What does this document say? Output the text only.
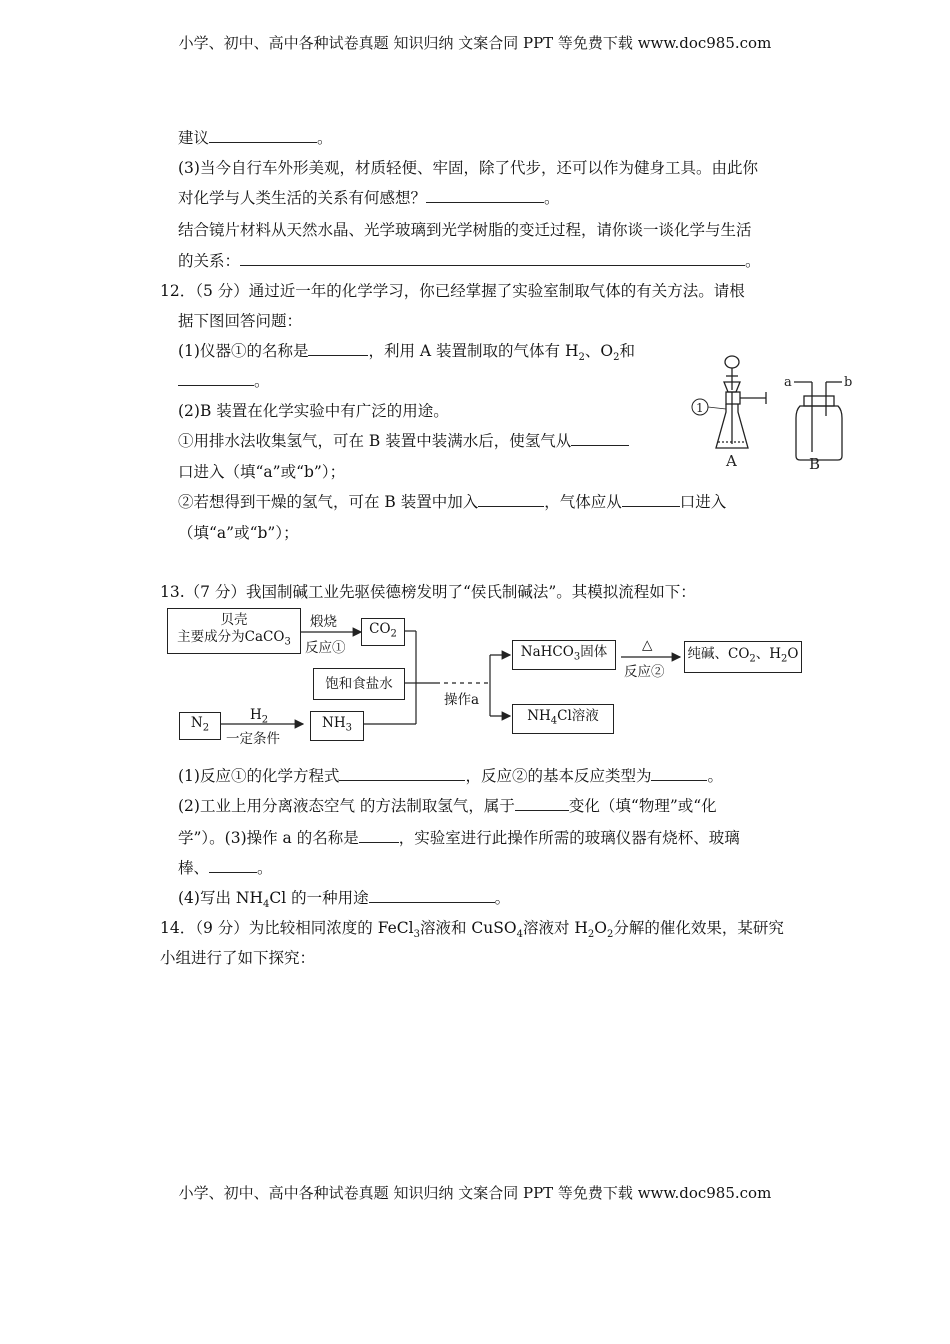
小学、初中、高中各种试卷真题 知识归纳 文案合同 PPT 等免费下载 www.doc985.com
建议	。
(3)当今自行车外形美观，材质轻便、牢固，除了代步，还可以作为健身工具。由此你
对化学与人类生活的关系有何感想？	。
结合镜片材料从天然水晶、光学玻璃到光学树脂的变迁过程，请你谈一谈化学与生活
的关系：	。
12．（5 分）通过近一年的化学学习，你已经掌握了实验室制取气体的有关方法。请根
据下图回答问题：
(1)仪器①的名称是	，利用 A 装置制取的气体有 $H_2$、$O_2$和
。
(2)B 装置在化学实验中有广泛的用途。
①用排水法收集氢气，可在 B 装置中装满水后，使氢气从
口进入（填“a”或“b”）；
②若想得到干燥的氢气，可在 B 装置中加入	，气体应从	口进入
（填“a”或“b”）；
1
A
a	b
B
13.（7 分）我国制碱工业先驱侯德榜发明了“侯氏制碱法”。其模拟流程如下：
贝壳
主要成分为CaCO$_3$
煅烧
反应①
$CO_2$
饱和食盐水
$N_2$
$H_2$
一定条件
$NH_3$
操作a
NaHCO$_3$固体	△
反应②
纯碱、$CO_2$、$H_2O$
$NH_4Cl$溶液
(1)反应①的化学方程式	，反应②的基本反应类型为	。
(2)工业上用分离液态空气 的方法制取氢气，属于	变化（填“物理”或“化
学”）。(3)操作 a 的名称是	，实验室进行此操作所需的玻璃仪器有烧杯、玻璃
棒、	。
(4)写出 $NH_4Cl$ 的一种用途	。
14．（9 分）为比较相同浓度的 FeCl$_3$溶液和 CuSO$_4$溶液对 $H_2O_2$分解的催化效果，某研究
小组进行了如下探究：
小学、初中、高中各种试卷真题 知识归纳 文案合同 PPT 等免费下载 www.doc985.com
